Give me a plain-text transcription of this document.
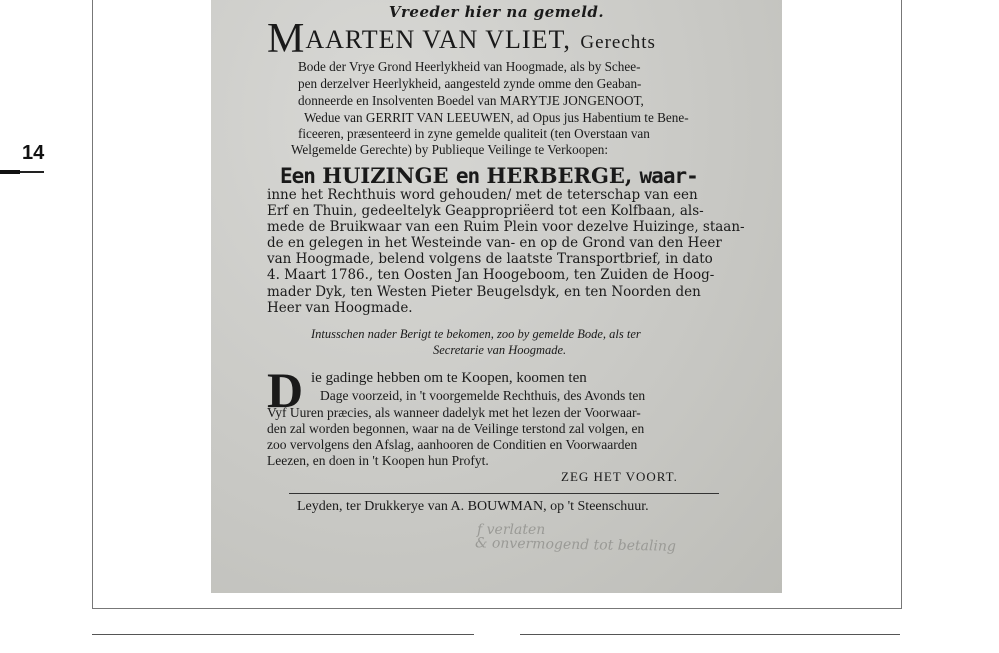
14
Vreeder hier na gemeld.
MAARTEN VAN VLIET, Gerechts
Bode der Vrye Grond Heerlykheid van Hoogmade, als by Schee-
pen derzelver Heerlykheid, aangesteld zynde omme den Geaban-
donneerde en Insolventen Boedel van MARYTJE JONGENOOT,
Wedue van GERRIT VAN LEEUWEN, ad Opus jus Habentium te Bene-
ficeeren, præsenteerd in zyne gemelde qualiteit (ten Overstaan van
Welgemelde Gerechte) by Publieque Veilinge te Verkoopen:
Een HUIZINGE en HERBERGE, waar-
inne het Rechthuis word gehouden/ met de teterschap van een
Erf en Thuin, gedeeltelyk Geappropriëerd tot een Kolfbaan, als-
mede de Bruikwaar van een Ruim Plein voor dezelve Huizinge, staan-
de en gelegen in het Westeinde van- en op de Grond van den Heer
van Hoogmade, belend volgens de laatste Transportbrief, in dato
4. Maart 1786., ten Oosten Jan Hoogeboom, ten Zuiden de Hoog-
mader Dyk, ten Westen Pieter Beugelsdyk, en ten Noorden den
Heer van Hoogmade.
Intusschen nader Berigt te bekomen, zoo by gemelde Bode, als ter
Secretarie van Hoogmade.
D ie gadinge hebben om te Koopen, koomen ten
Dage voorzeid, in 't voorgemelde Rechthuis, des Avonds ten
Vyf Uuren præcies, als wanneer dadelyk met het lezen der Voorwaar-
den zal worden begonnen, waar na de Veilinge terstond zal volgen, en
zoo vervolgens den Afslag, aanhooren de Conditien en Voorwaarden
Leezen, en doen in 't Koopen hun Profyt.
ZEG HET VOORT.
Leyden, ter Drukkerye van A. BOUWMAN, op 't Steenschuur.
f verlaten
& onvermogend tot betaling
